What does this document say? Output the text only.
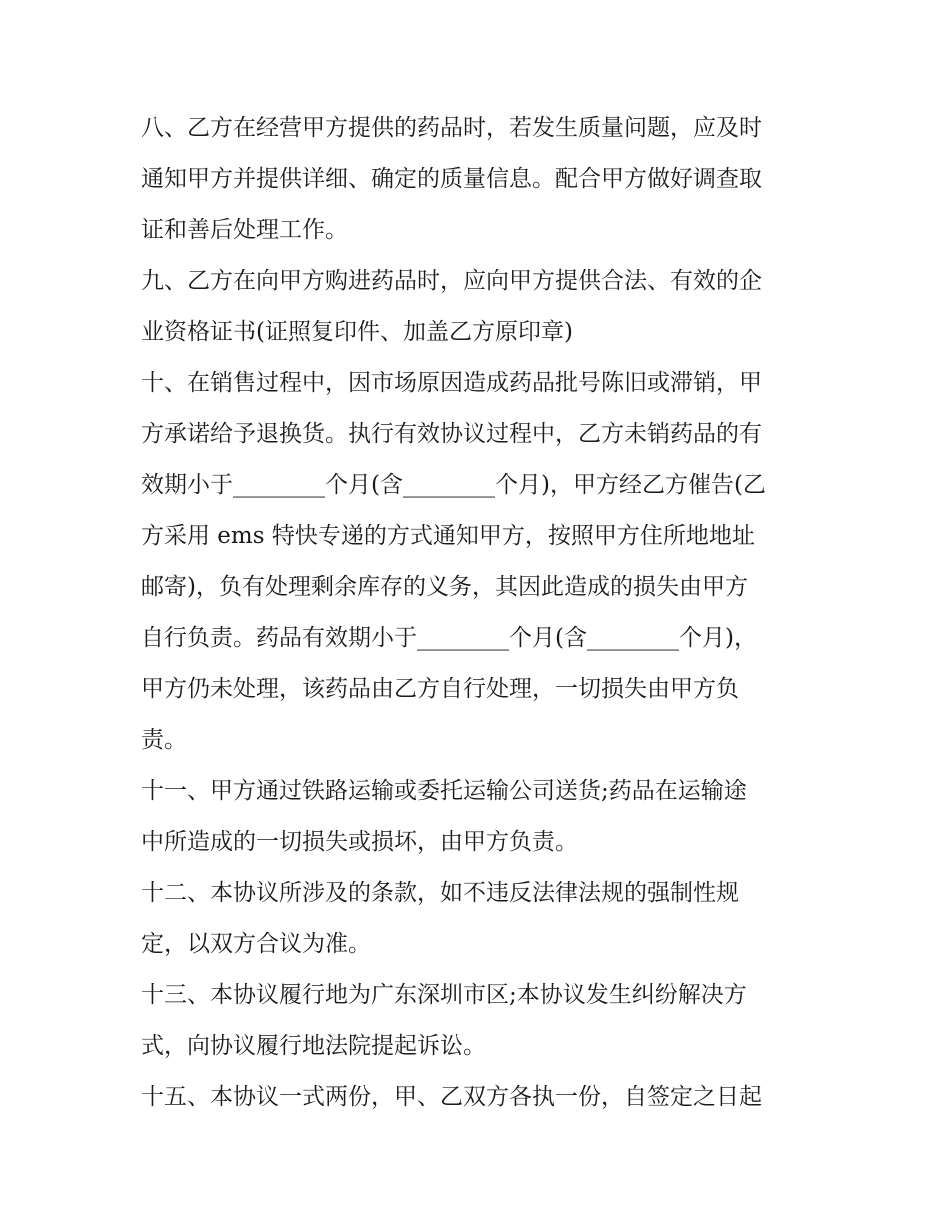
八、乙方在经营甲方提供的药品时，若发生质量问题，应及时
通知甲方并提供详细、确定的质量信息。配合甲方做好调查取
证和善后处理工作。
九、乙方在向甲方购进药品时，应向甲方提供合法、有效的企
业资格证书(证照复印件、加盖乙方原印章)
十、在销售过程中，因市场原因造成药品批号陈旧或滞销，甲
方承诺给予退换货。执行有效协议过程中，乙方未销药品的有
效期小于________个月(含________个月)，甲方经乙方催告(乙
方采用 ems 特快专递的方式通知甲方，按照甲方住所地地址
邮寄)，负有处理剩余库存的义务，其因此造成的损失由甲方
自行负责。药品有效期小于________个月(含________个月)，
甲方仍未处理，该药品由乙方自行处理，一切损失由甲方负
责。
十一、甲方通过铁路运输或委托运输公司送货;药品在运输途
中所造成的一切损失或损坏，由甲方负责。
十二、本协议所涉及的条款，如不违反法律法规的强制性规
定，以双方合议为准。
十三、本协议履行地为广东深圳市区;本协议发生纠纷解决方
式，向协议履行地法院提起诉讼。
十五、本协议一式两份，甲、乙双方各执一份，自签定之日起
